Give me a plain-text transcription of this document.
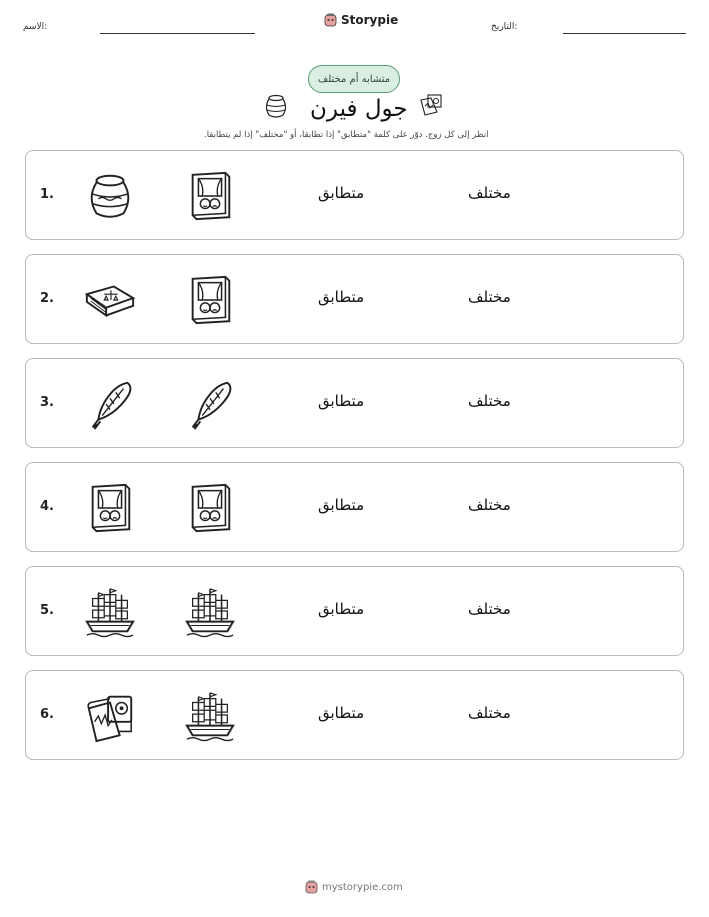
الاسم:	Storypie	التاريخ:
متشابه أم مختلف
جول فيرن
انظر إلى كل زوج. دوّر على كلمة "متطابق" إذا تطابقا، أو "مختلف" إذا لم يتطابقا.
1.	متطابق	مختلف
2.	متطابق	مختلف
3.	متطابق	مختلف
4.	متطابق	مختلف
5.	متطابق	مختلف
6.	متطابق	مختلف
mystorypie.com
